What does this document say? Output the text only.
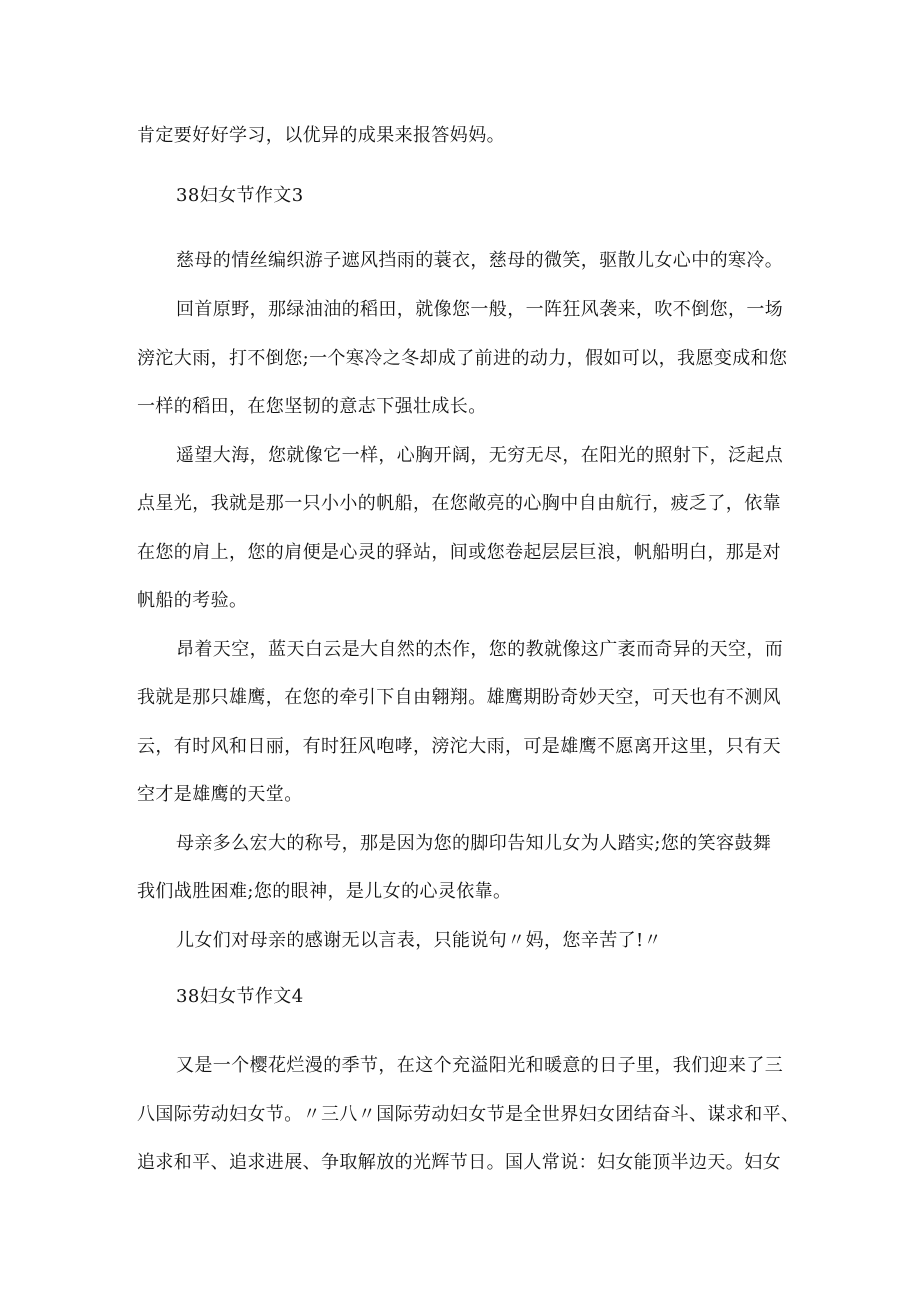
肯定要好好学习，以优异的成果来报答妈妈。
38妇女节作文3
慈母的情丝编织游子遮风挡雨的蓑衣，慈母的微笑，驱散儿女心中的寒冷。
回首原野，那绿油油的稻田，就像您一般，一阵狂风袭来，吹不倒您，一场
滂沱大雨，打不倒您;一个寒冷之冬却成了前进的动力，假如可以，我愿变成和您
一样的稻田，在您坚韧的意志下强壮成长。
遥望大海，您就像它一样，心胸开阔，无穷无尽，在阳光的照射下，泛起点
点星光，我就是那一只小小的帆船，在您敞亮的心胸中自由航行，疲乏了，依靠
在您的肩上，您的肩便是心灵的驿站，间或您卷起层层巨浪，帆船明白，那是对
帆船的考验。
昂着天空，蓝天白云是大自然的杰作，您的教就像这广袤而奇异的天空，而
我就是那只雄鹰，在您的牵引下自由翱翔。雄鹰期盼奇妙天空，可天也有不测风
云，有时风和日丽，有时狂风咆哮，滂沱大雨，可是雄鹰不愿离开这里，只有天
空才是雄鹰的天堂。
母亲多么宏大的称号，那是因为您的脚印告知儿女为人踏实;您的笑容鼓舞
我们战胜困难;您的眼神，是儿女的心灵依靠。
儿女们对母亲的感谢无以言表，只能说句〃妈，您辛苦了!〃
38妇女节作文4
又是一个樱花烂漫的季节，在这个充溢阳光和暖意的日子里，我们迎来了三
八国际劳动妇女节。〃三八〃国际劳动妇女节是全世界妇女团结奋斗、谋求和平、
追求和平、追求进展、争取解放的光辉节日。国人常说：妇女能顶半边天。妇女
